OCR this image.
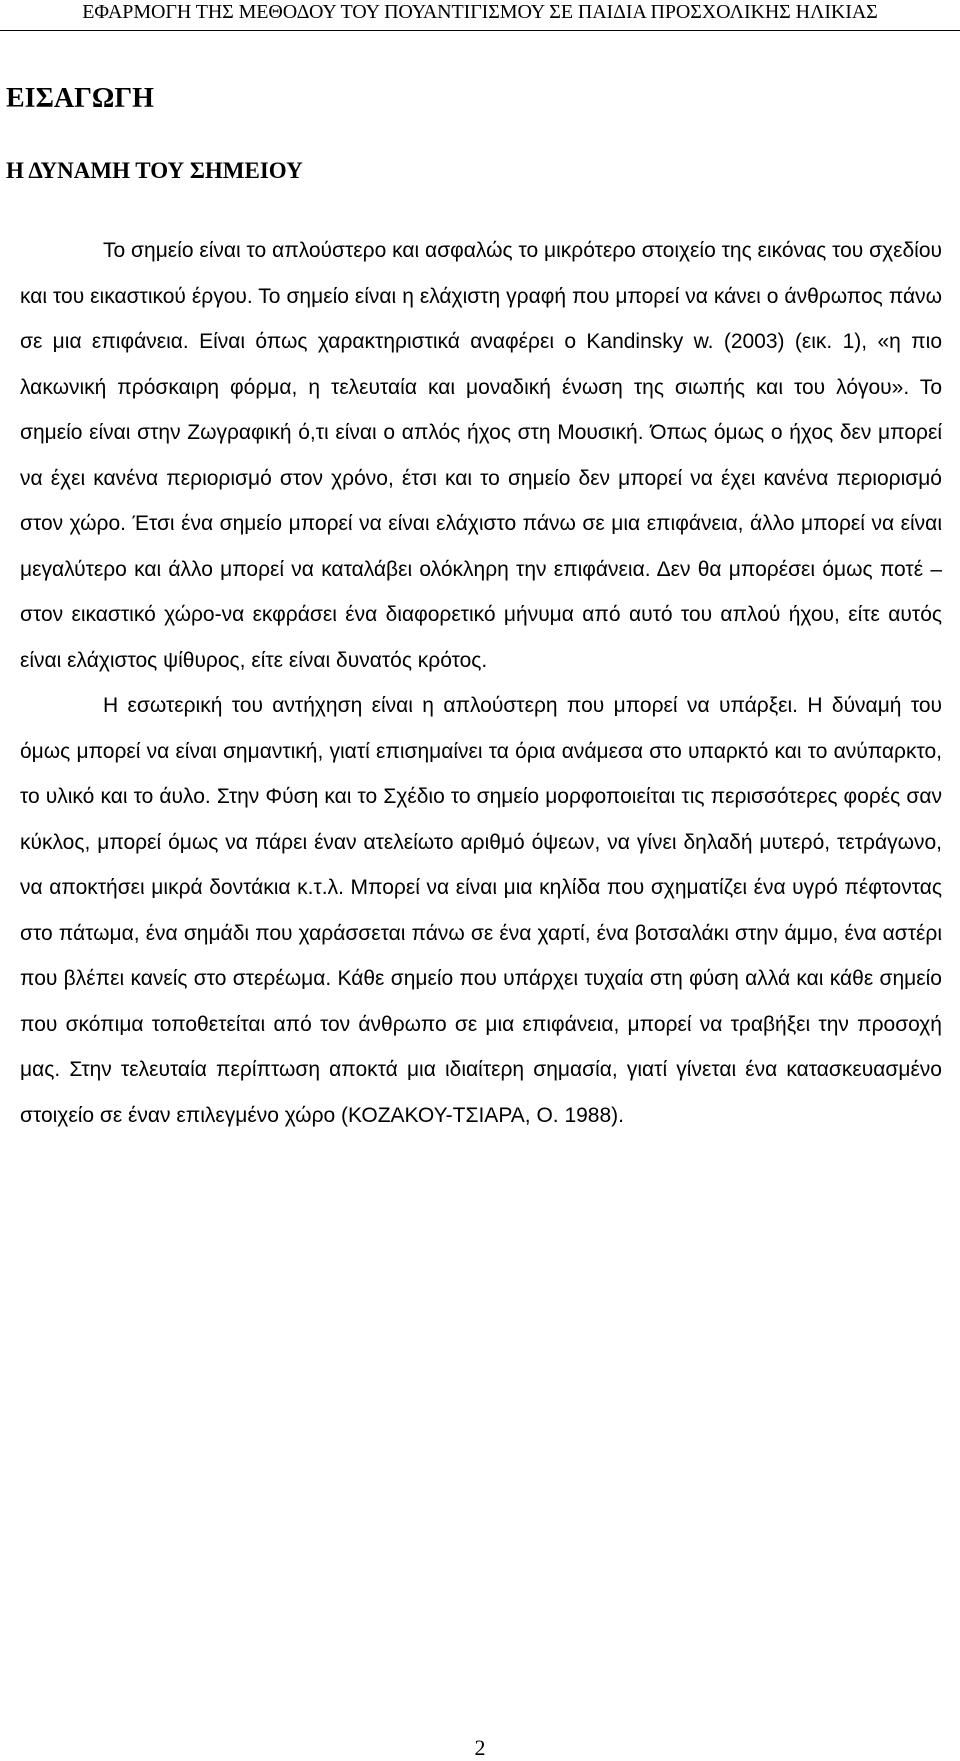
ΕΦΑΡΜΟΓΗ ΤΗΣ ΜΕΘΟΔΟΥ ΤΟΥ ΠΟΥΑΝΤΙΓΙΣΜΟΥ ΣΕ ΠΑΙΔΙΑ ΠΡΟΣΧΟΛΙΚΗΣ ΗΛΙΚΙΑΣ
ΕΙΣΑΓΩΓΗ
Η ΔΥΝΑΜΗ ΤΟΥ ΣΗΜΕΙΟΥ

Το σημείο είναι το απλούστερο και ασφαλώς το μικρότερο στοιχείο της εικόνας του σχεδίου και του εικαστικού έργου. Το σημείο είναι η ελάχιστη γραφή που μπορεί να κάνει ο άνθρωπος πάνω σε μια επιφάνεια. Είναι όπως χαρακτηριστικά αναφέρει ο Kandinsky w. (2003) (εικ. 1), «η πιο λακωνική πρόσκαιρη φόρμα, η τελευταία και μοναδική ένωση της σιωπής και του λόγου». Το σημείο είναι στην Ζωγραφική ό,τι είναι ο απλός ήχος στη Μουσική. Όπως όμως ο ήχος δεν μπορεί να έχει κανένα περιορισμό στον χρόνο, έτσι και το σημείο δεν μπορεί να έχει κανένα περιορισμό στον χώρο. Έτσι ένα σημείο μπορεί να είναι ελάχιστο πάνω σε μια επιφάνεια, άλλο μπορεί να είναι μεγαλύτερο και άλλο μπορεί να καταλάβει ολόκληρη την επιφάνεια. Δεν θα μπορέσει όμως ποτέ – στον εικαστικό χώρο-να εκφράσει ένα διαφορετικό μήνυμα από αυτό του απλού ήχου, είτε αυτός είναι ελάχιστος ψίθυρος, είτε είναι δυνατός κρότος.

Η εσωτερική του αντήχηση είναι η απλούστερη που μπορεί να υπάρξει. Η δύναμή του όμως μπορεί να είναι σημαντική, γιατί επισημαίνει τα όρια ανάμεσα στο υπαρκτό και το ανύπαρκτο, το υλικό και το άυλο. Στην Φύση και το Σχέδιο το σημείο μορφοποιείται τις περισσότερες φορές σαν κύκλος, μπορεί όμως να πάρει έναν ατελείωτο αριθμό όψεων, να γίνει δηλαδή μυτερό, τετράγωνο, να αποκτήσει μικρά δοντάκια κ.τ.λ. Μπορεί να είναι μια κηλίδα που σχηματίζει ένα υγρό πέφτοντας στο πάτωμα, ένα σημάδι που χαράσσεται πάνω σε ένα χαρτί, ένα βοτσαλάκι στην άμμο, ένα αστέρι που βλέπει κανείς στο στερέωμα. Κάθε σημείο που υπάρχει τυχαία στη φύση αλλά και κάθε σημείο που σκόπιμα τοποθετείται από τον άνθρωπο σε μια επιφάνεια, μπορεί να τραβήξει την προσοχή μας. Στην τελευταία περίπτωση αποκτά μια ιδιαίτερη σημασία, γιατί γίνεται ένα κατασκευασμένο στοιχείο σε έναν επιλεγμένο χώρο (ΚΟΖΑΚΟΥ-ΤΣΙΑΡΑ, Ο. 1988).

2
